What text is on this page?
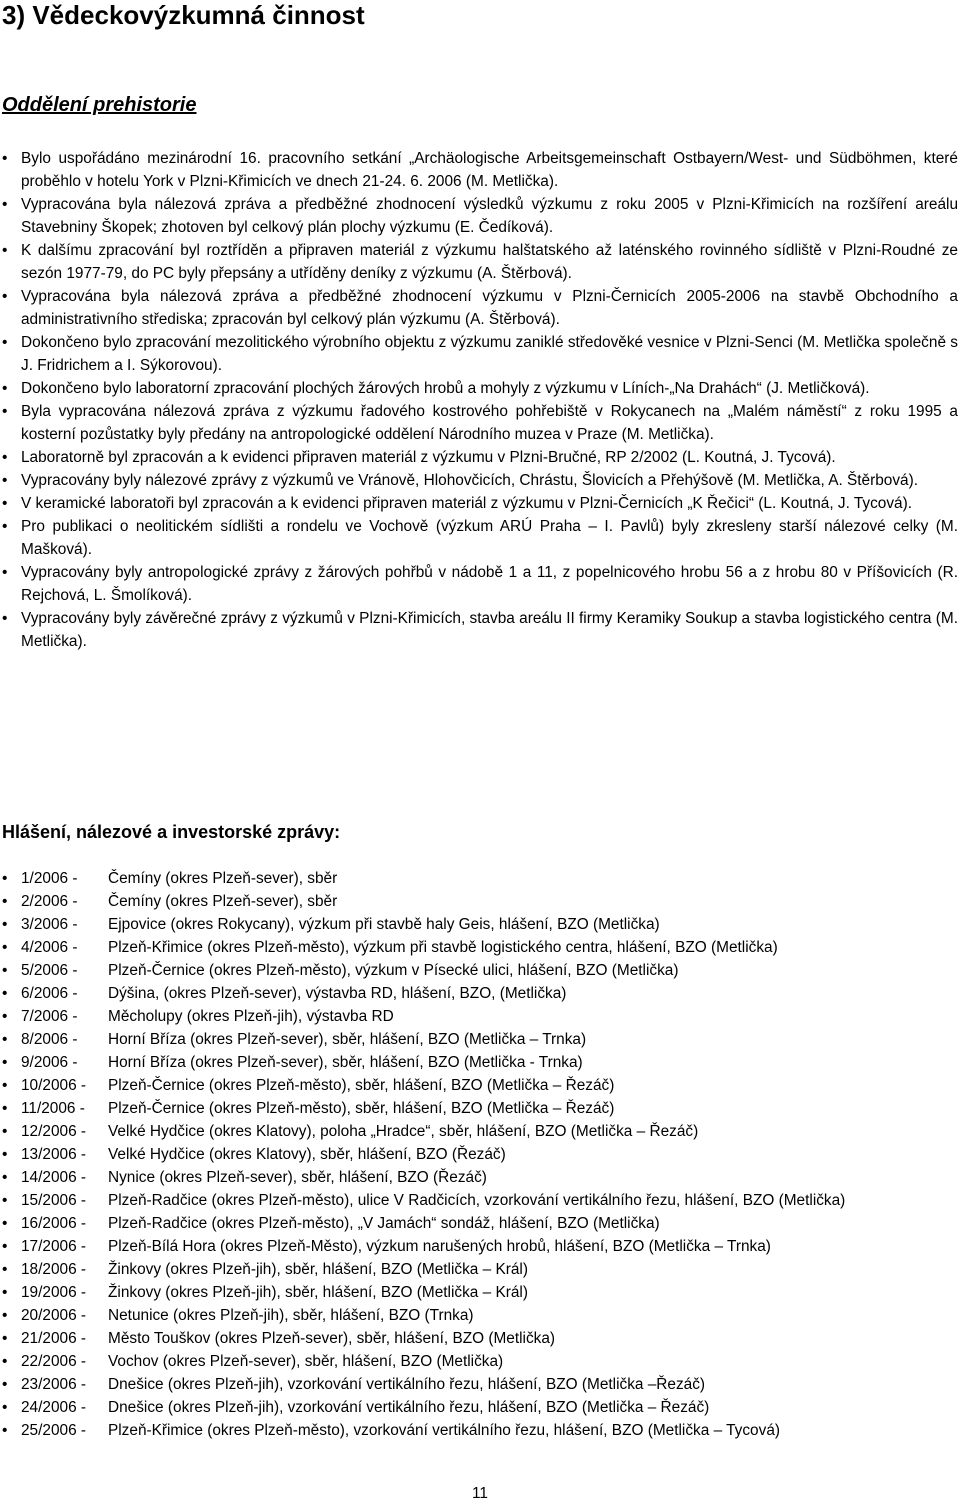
3) Vědeckovýzkumná činnost
Oddělení prehistorie
• Bylo uspořádáno mezinárodní 16. pracovního setkání „Archäologische Arbeitsgemeinschaft Ostbayern/West- und Südböhmen, které proběhlo v hotelu York v Plzni-Křimicích ve dnech 21-24. 6. 2006 (M. Metlička).
• Vypracována byla nálezová zpráva a předběžné zhodnocení výsledků výzkumu z roku 2005 v Plzni-Křimicích na rozšíření areálu Stavebniny Škopek; zhotoven byl celkový plán plochy výzkumu (E. Čedíková).
• K dalšímu zpracování byl roztříděn a připraven materiál z výzkumu halštatského až laténského rovinného sídliště v Plzni-Roudné ze sezón 1977-79, do PC byly přepsány a utříděny deníky z výzkumu (A. Štěrbová).
• Vypracována byla nálezová zpráva a předběžné zhodnocení výzkumu v Plzni-Černicích 2005-2006 na stavbě Obchodního a administrativního střediska; zpracován byl celkový plán výzkumu (A. Štěrbová).
• Dokončeno bylo zpracování mezolitického výrobního objektu z výzkumu zaniklé středověké vesnice v Plzni-Senci (M. Metlička společně s J. Fridrichem a I. Sýkorovou).
• Dokončeno bylo laboratorní zpracování plochých žárových hrobů a mohyly z výzkumu v Líních-„Na Drahách“ (J. Metličková).
• Byla vypracována nálezová zpráva z výzkumu řadového kostrového pohřebiště v Rokycanech na „Malém náměstí“ z roku 1995 a kosterní pozůstatky byly předány na antropologické oddělení Národního muzea v Praze (M. Metlička).
• Laboratorně byl zpracován a k evidenci připraven materiál z výzkumu v Plzni-Bručné, RP 2/2002 (L. Koutná, J. Tycová).
• Vypracovány byly nálezové zprávy z výzkumů ve Vránově, Hlohovčicích, Chrástu, Šlovicích a Přehýšově (M. Metlička, A. Štěrbová).
• V keramické laboratoři byl zpracován a k evidenci připraven materiál z výzkumu v Plzni-Černicích „K Řečici“ (L. Koutná, J. Tycová).
• Pro publikaci o neolitickém sídlišti a rondelu ve Vochově (výzkum ARÚ Praha – I. Pavlů) byly zkresleny starší nálezové celky (M. Mašková).
• Vypracovány byly antropologické zprávy z žárových pohřbů v nádobě 1 a 11, z popelnicového hrobu 56 a z hrobu 80 v Příšovicích (R. Rejchová, L. Šmolíková).
• Vypracovány byly závěrečné zprávy z výzkumů v Plzni-Křimicích, stavba areálu II firmy Keramiky Soukup a stavba logistického centra (M. Metlička).
Hlášení, nálezové a investorské zprávy:
• 1/2006 -	Čemíny (okres Plzeň-sever), sběr
• 2/2006 -	Čemíny (okres Plzeň-sever), sběr
• 3/2006 -	Ejpovice (okres Rokycany), výzkum při stavbě haly Geis, hlášení, BZO (Metlička)
• 4/2006 -	Plzeň-Křimice (okres Plzeň-město), výzkum při stavbě logistického centra, hlášení, BZO (Metlička)
• 5/2006 -	Plzeň-Černice (okres Plzeň-město), výzkum v Písecké ulici, hlášení, BZO (Metlička)
• 6/2006 -	Dýšina, (okres Plzeň-sever), výstavba RD, hlášení, BZO, (Metlička)
• 7/2006 -	Měcholupy (okres Plzeň-jih), výstavba RD
• 8/2006 -	Horní Bříza (okres Plzeň-sever), sběr, hlášení, BZO (Metlička – Trnka)
• 9/2006 -	Horní Bříza (okres Plzeň-sever), sběr, hlášení, BZO (Metlička - Trnka)
• 10/2006 -	Plzeň-Černice (okres Plzeň-město), sběr, hlášení, BZO (Metlička – Řezáč)
• 11/2006 -	Plzeň-Černice (okres Plzeň-město), sběr, hlášení, BZO (Metlička – Řezáč)
• 12/2006 -	Velké Hydčice (okres Klatovy), poloha „Hradce“, sběr, hlášení, BZO (Metlička – Řezáč)
• 13/2006 -	Velké Hydčice (okres Klatovy), sběr, hlášení, BZO (Řezáč)
• 14/2006 -	Nynice (okres Plzeň-sever), sběr, hlášení, BZO (Řezáč)
• 15/2006 -	Plzeň-Radčice (okres Plzeň-město), ulice V Radčicích, vzorkování vertikálního řezu, hlášení, BZO (Metlička)
• 16/2006 -	Plzeň-Radčice (okres Plzeň-město), „V Jamách“ sondáž, hlášení, BZO (Metlička)
• 17/2006 -	Plzeň-Bílá Hora (okres Plzeň-Město), výzkum narušených hrobů, hlášení, BZO (Metlička – Trnka)
• 18/2006 -	Žinkovy (okres Plzeň-jih), sběr, hlášení, BZO (Metlička – Král)
• 19/2006 -	Žinkovy (okres Plzeň-jih), sběr, hlášení, BZO (Metlička – Král)
• 20/2006 -	Netunice (okres Plzeň-jih), sběr, hlášení, BZO (Trnka)
• 21/2006 -	Město Touškov (okres Plzeň-sever), sběr, hlášení, BZO (Metlička)
• 22/2006 -	Vochov (okres Plzeň-sever), sběr, hlášení, BZO (Metlička)
• 23/2006 -	Dnešice (okres Plzeň-jih), vzorkování vertikálního řezu, hlášení, BZO (Metlička –Řezáč)
• 24/2006 -	Dnešice (okres Plzeň-jih), vzorkování vertikálního řezu, hlášení, BZO (Metlička – Řezáč)
• 25/2006 -	Plzeň-Křimice (okres Plzeň-město), vzorkování vertikálního řezu, hlášení, BZO (Metlička – Tycová)
11
